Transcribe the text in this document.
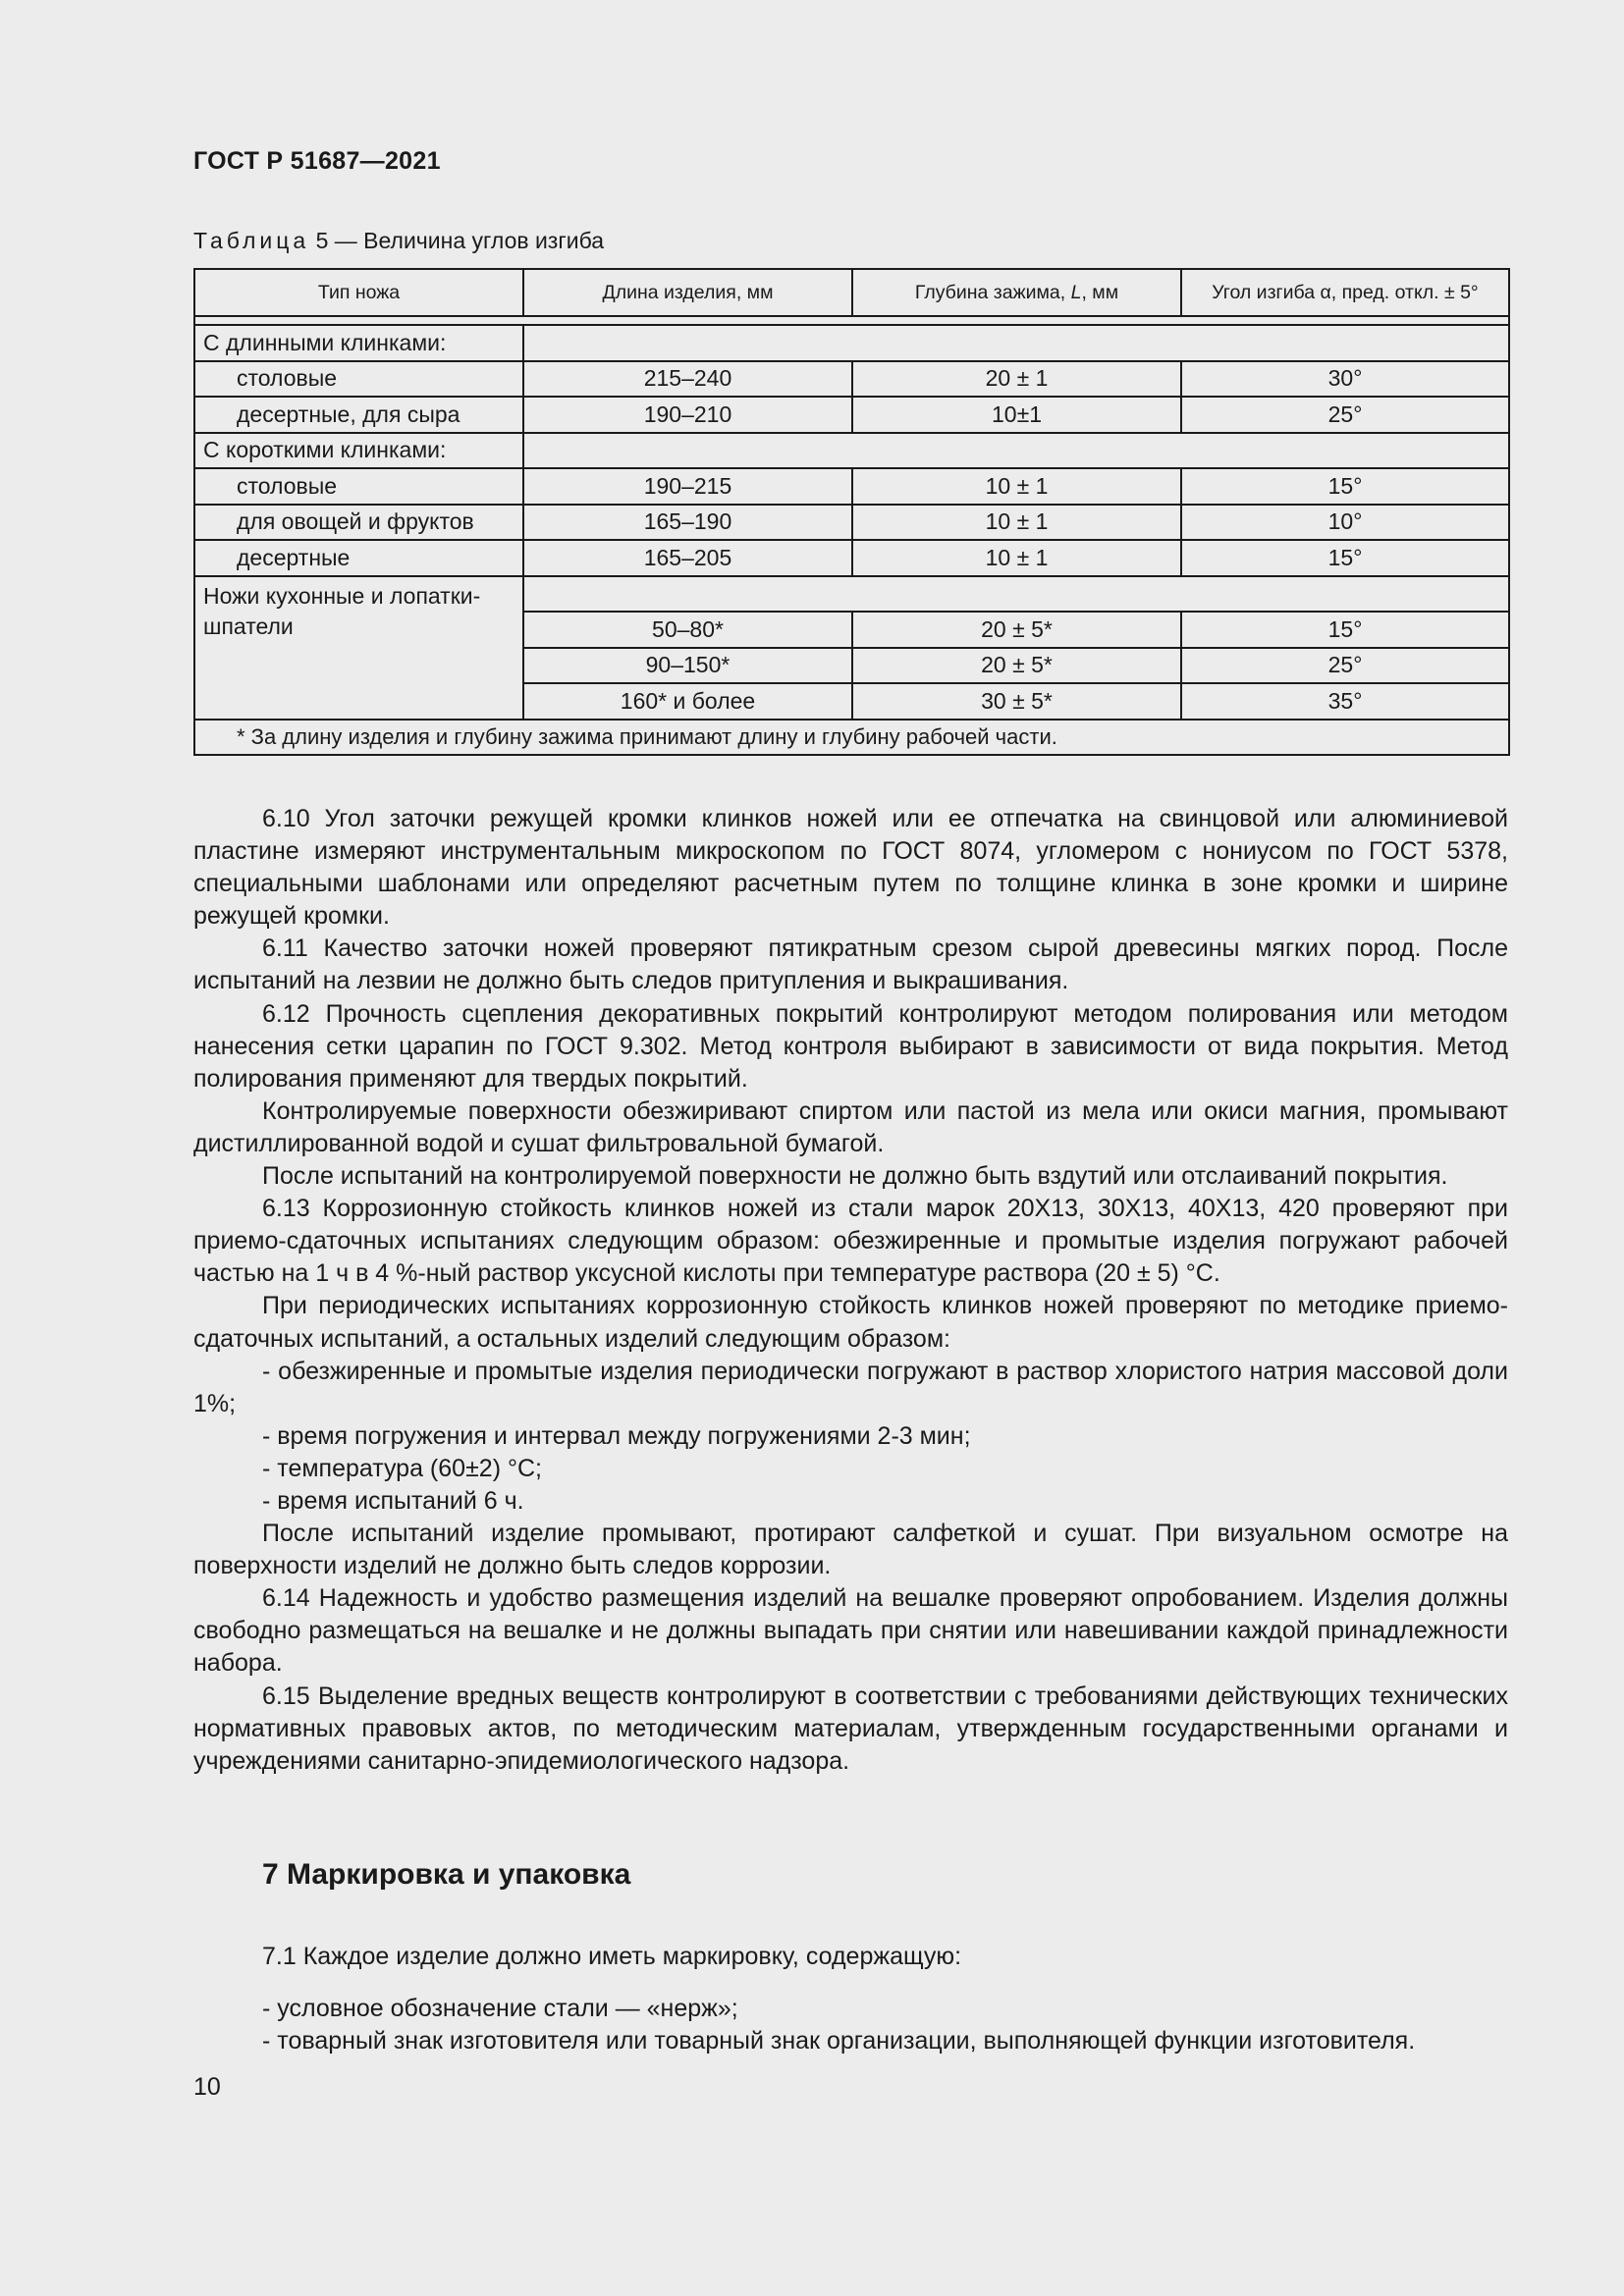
ГОСТ Р 51687—2021
Таблица 5 — Величина углов изгиба
Тип ножа	Длина изделия, мм	Глубина зажима, L, мм	Угол изгиба α, пред. откл. ± 5°

С длинными клинками:			
столовые	215–240	20 ± 1	30°
десертные, для сыра	190–210	10±1	25°
С короткими клинками:			
столовые	190–215	10 ± 1	15°
для овощей и фруктов	165–190	10 ± 1	10°
десертные	165–205	10 ± 1	15°
Ножи кухонные и лопатки-шпатели			
	50–80*	20 ± 5*	15°
	90–150*	20 ± 5*	25°
	160* и более	30 ± 5*	35°
* За длину изделия и глубину зажима принимают длину и глубину рабочей части.			

6.10 Угол заточки режущей кромки клинков ножей или ее отпечатка на свинцовой или алюминиевой пластине измеряют инструментальным микроскопом по ГОСТ 8074, угломером с нониусом по ГОСТ 5378, специальными шаблонами или определяют расчетным путем по толщине клинка в зоне кромки и ширине режущей кромки.

6.11 Качество заточки ножей проверяют пятикратным срезом сырой древесины мягких пород. После испытаний на лезвии не должно быть следов притупления и выкрашивания.

6.12 Прочность сцепления декоративных покрытий контролируют методом полирования или методом нанесения сетки царапин по ГОСТ 9.302. Метод контроля выбирают в зависимости от вида покрытия. Метод полирования применяют для твердых покрытий.

Контролируемые поверхности обезжиривают спиртом или пастой из мела или окиси магния, промывают дистиллированной водой и сушат фильтровальной бумагой.

После испытаний на контролируемой поверхности не должно быть вздутий или отслаиваний покрытия.

6.13 Коррозионную стойкость клинков ножей из стали марок 20Х13, 30Х13, 40Х13, 420 проверяют при приемо-сдаточных испытаниях следующим образом: обезжиренные и промытые изделия погружают рабочей частью на 1 ч в 4 %-ный раствор уксусной кислоты при температуре раствора (20 ± 5) °C.

При периодических испытаниях коррозионную стойкость клинков ножей проверяют по методике приемо-сдаточных испытаний, а остальных изделий следующим образом:

- обезжиренные и промытые изделия периодически погружают в раствор хлористого натрия массовой доли 1%;

- время погружения и интервал между погружениями 2-3 мин;

- температура (60±2) °C;

- время испытаний 6 ч.

После испытаний изделие промывают, протирают салфеткой и сушат. При визуальном осмотре на поверхности изделий не должно быть следов коррозии.

6.14 Надежность и удобство размещения изделий на вешалке проверяют опробованием. Изделия должны свободно размещаться на вешалке и не должны выпадать при снятии или навешивании каждой принадлежности набора.

6.15 Выделение вредных веществ контролируют в соответствии с требованиями действующих технических нормативных правовых актов, по методическим материалам, утвержденным государственными органами и учреждениями санитарно-эпидемиологического надзора.

7 Маркировка и упаковка

7.1 Каждое изделие должно иметь маркировку, содержащую:

- условное обозначение стали — «нерж»;

- товарный знак изготовителя или товарный знак организации, выполняющей функции изготовителя.

10
